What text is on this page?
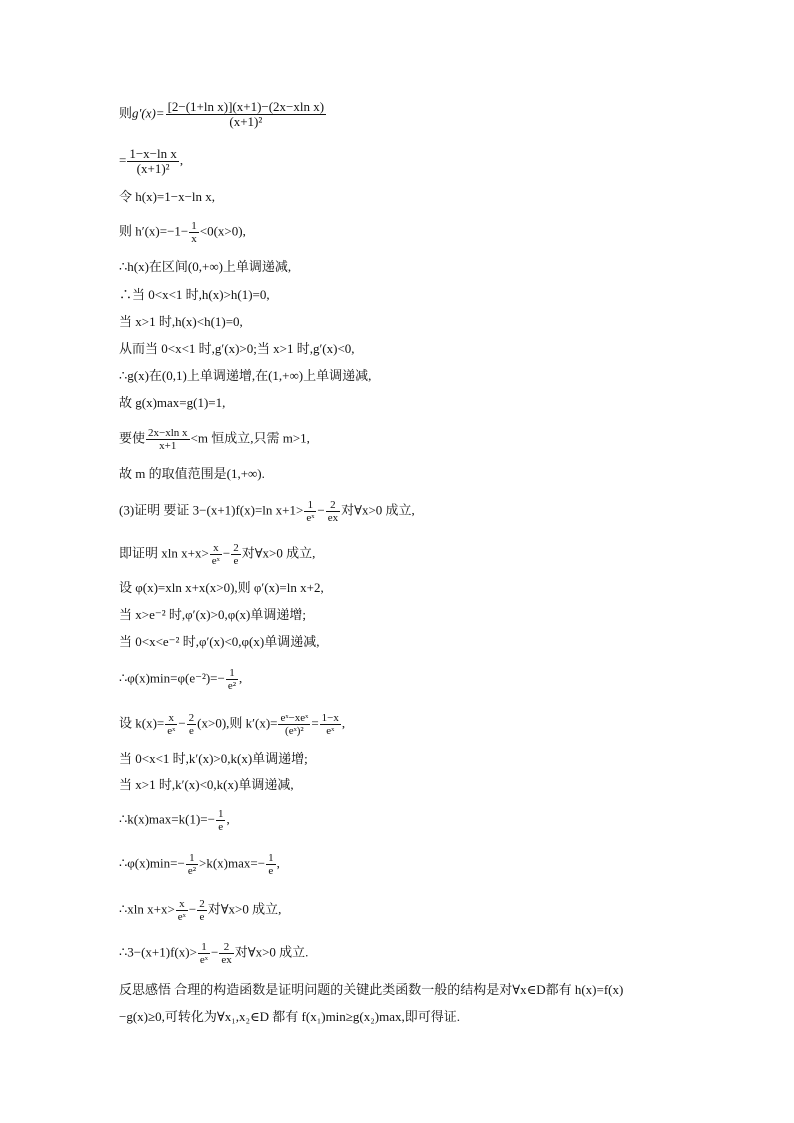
则$g'(x)= \frac{\text{[2−(1+ln x)](x+1)−(2x−xln x)}}{\text{(x+1)²}}$
= $\frac{\text{1−x−ln x}}{\text{(x+1)²}}$ ,
令 h(x)=1−x−ln x,
则 $h'(x)=-1- \frac{1}{x} <0(x>0)$,
∴h(x)在区间(0,+∞)上单调递减,
∴当 0<x<1 时,h(x)>h(1)=0,
当 x>1 时,h(x)<h(1)=0,
从而当 0<x<1 时,g′(x)>0;当 x>1 时,g′(x)<0,
∴g(x)在(0,1)上单调递增,在(1,+∞)上单调递减,
故 g(x)max=g(1)=1,
要使 $\frac{\text{2x−xln x}}{x+1} <m$ 恒成立,只需 m>1,
故 m 的取值范围是(1,+∞).
(3)证明 要证 3−(x+1)f(x)=ln $x+1> \frac{1}{\text{eˣ}} - \frac{2}{ex}$ 对∀x>0 成立,
即证明 xln $x+x> \frac{x}{\text{eˣ}} - \frac{2}{e}$ 对∀x>0 成立,
设 φ(x)=xln x+x(x>0),则 φ′(x)=ln x+2,
当 x>e⁻² 时,φ′(x)>0,φ(x)单调递增;
当 0<x<e⁻² 时,φ′(x)<0,φ(x)单调递减,
∴φ(x)min=φ(e⁻²)=− $\frac{1}{\text{e²}}$ ,
设 $k(x)= \frac{x}{\text{eˣ}} - \frac{2}{e} (x>0)$,则 $k'(x)= \frac{\text{eˣ−xeˣ}}{\text{(eˣ)²}} = \frac{1-x}{\text{eˣ}}$ ,
当 0<x<1 时,k′(x)>0,k(x)单调递增;
当 x>1 时,k′(x)<0,k(x)单调递减,
∴k(x)max=k(1)=− $\frac{1}{e}$ ,
∴φ(x)min=− $\frac{1}{\text{e²}} >k(x)\max=- \frac{1}{e}$ ,
∴xln $x+x> \frac{x}{\text{eˣ}} - \frac{2}{e}$ 对∀x>0 成立,
∴3−(x+1)f(x)> $\frac{1}{\text{eˣ}} - \frac{2}{ex}$ 对∀x>0 成立.
反思感悟 合理的构造函数是证明问题的关键此类函数一般的结构是对∀x∈D都有 h(x)=f(x)
−g(x)≥0,可转化为∀x₁,x₂∈D 都有 f(x₁)min≥g(x₂)max,即可得证.
